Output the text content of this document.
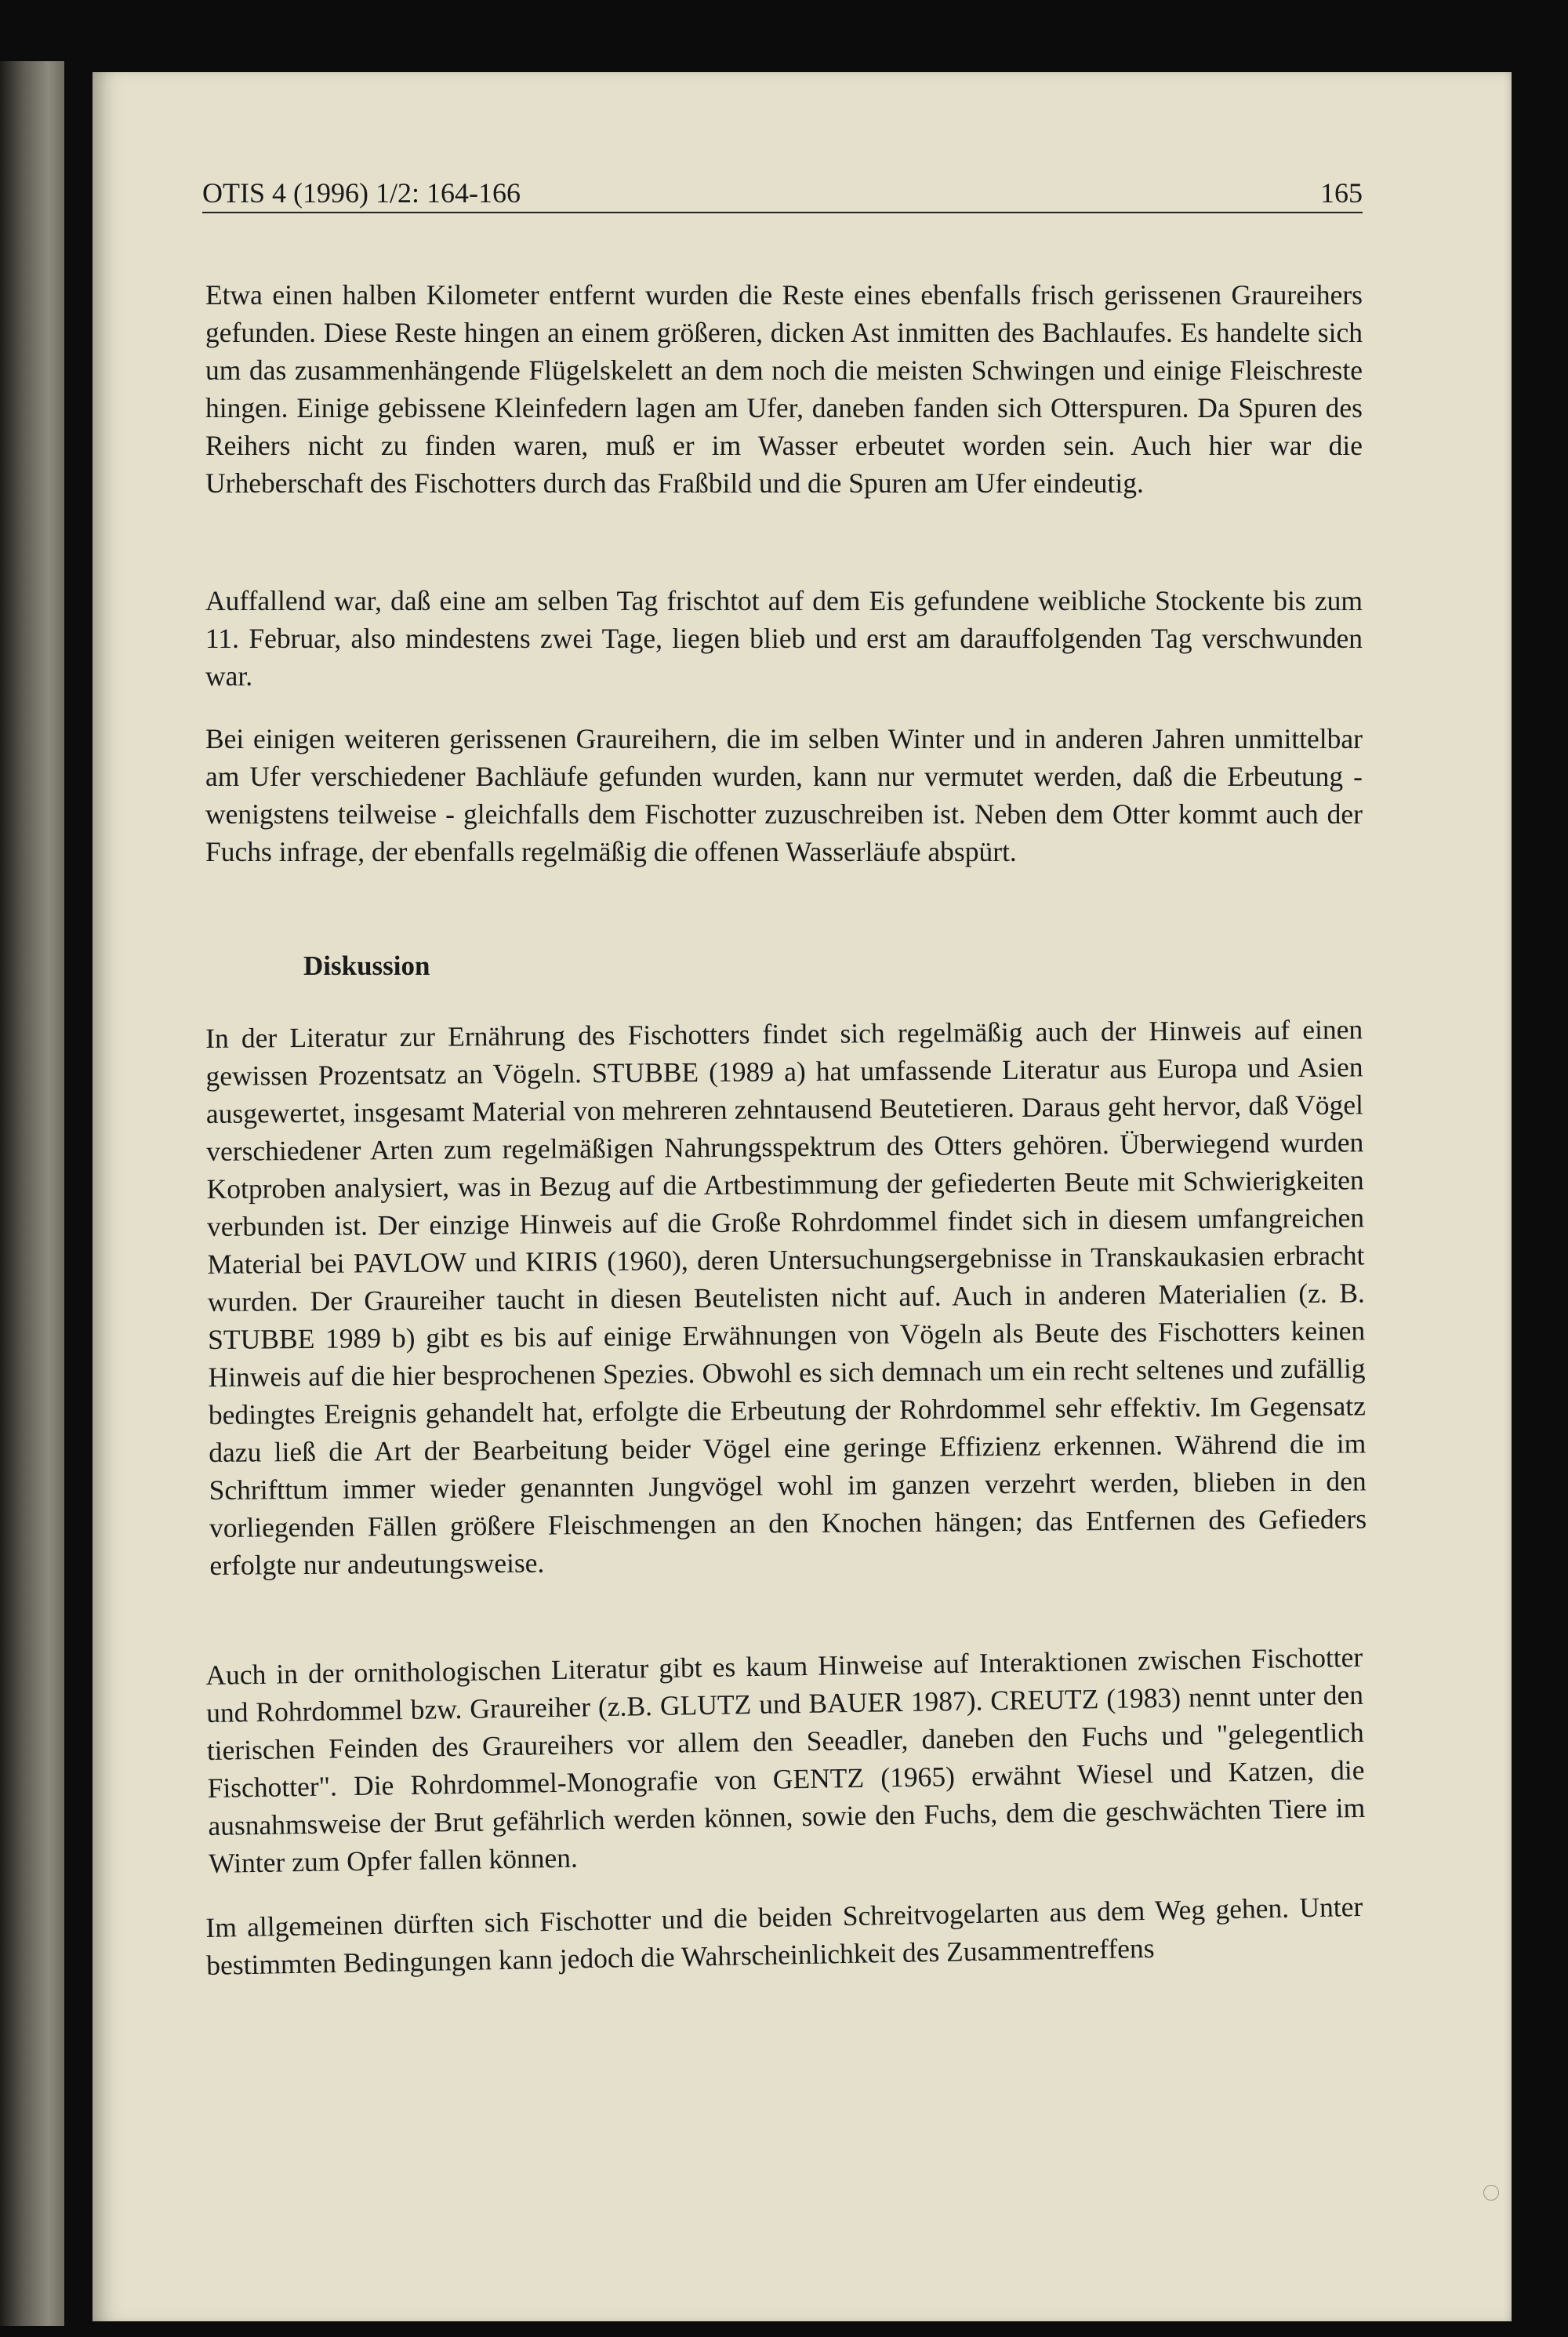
OTIS 4 (1996) 1/2: 164-166	165

Etwa einen halben Kilometer entfernt wurden die Reste eines ebenfalls frisch gerissenen Graureihers gefunden. Diese Reste hingen an einem größeren, dicken Ast inmitten des Bachlaufes. Es handelte sich um das zusammenhängende Flügelskelett an dem noch die meisten Schwingen und einige Fleischreste hingen. Einige gebissene Kleinfedern lagen am Ufer, daneben fanden sich Otterspuren. Da Spuren des Reihers nicht zu finden waren, muß er im Wasser erbeutet worden sein. Auch hier war die Urheberschaft des Fischotters durch das Fraßbild und die Spuren am Ufer eindeutig.

Auffallend war, daß eine am selben Tag frischtot auf dem Eis gefundene weibliche Stockente bis zum 11. Februar, also mindestens zwei Tage, liegen blieb und erst am darauffolgenden Tag verschwunden war.

Bei einigen weiteren gerissenen Graureihern, die im selben Winter und in anderen Jahren unmittelbar am Ufer verschiedener Bachläufe gefunden wurden, kann nur vermutet werden, daß die Erbeutung - wenigstens teilweise - gleichfalls dem Fischotter zuzuschreiben ist. Neben dem Otter kommt auch der Fuchs infrage, der ebenfalls regelmäßig die offenen Wasserläufe abspürt.

Diskussion

In der Literatur zur Ernährung des Fischotters findet sich regelmäßig auch der Hinweis auf einen gewissen Prozentsatz an Vögeln. STUBBE (1989 a) hat umfassende Literatur aus Europa und Asien ausgewertet, insgesamt Material von mehreren zehntausend Beutetieren. Daraus geht hervor, daß Vögel verschiedener Arten zum regelmäßigen Nahrungsspektrum des Otters gehören. Überwiegend wurden Kotproben analysiert, was in Bezug auf die Artbestimmung der gefiederten Beute mit Schwierigkeiten verbunden ist. Der einzige Hinweis auf die Große Rohrdommel findet sich in diesem umfangreichen Material bei PAVLOW und KIRIS (1960), deren Untersuchungsergebnisse in Transkaukasien erbracht wurden. Der Graureiher taucht in diesen Beutelisten nicht auf. Auch in anderen Materialien (z. B. STUBBE 1989 b) gibt es bis auf einige Erwähnungen von Vögeln als Beute des Fischotters keinen Hinweis auf die hier besprochenen Spezies. Obwohl es sich demnach um ein recht seltenes und zufällig bedingtes Ereignis gehandelt hat, erfolgte die Erbeutung der Rohrdommel sehr effektiv. Im Gegensatz dazu ließ die Art der Bearbeitung beider Vögel eine geringe Effizienz erkennen. Während die im Schrifttum immer wieder genannten Jungvögel wohl im ganzen verzehrt werden, blieben in den vorliegenden Fällen größere Fleischmengen an den Knochen hängen; das Entfernen des Gefieders erfolgte nur andeutungsweise.

Auch in der ornithologischen Literatur gibt es kaum Hinweise auf Interaktionen zwischen Fischotter und Rohrdommel bzw. Graureiher (z.B. GLUTZ und BAUER 1987). CREUTZ (1983) nennt unter den tierischen Feinden des Graureihers vor allem den Seeadler, daneben den Fuchs und "gelegentlich Fischotter". Die Rohrdommel-Monografie von GENTZ (1965) erwähnt Wiesel und Katzen, die ausnahmsweise der Brut gefährlich werden können, sowie den Fuchs, dem die geschwächten Tiere im Winter zum Opfer fallen können.

Im allgemeinen dürften sich Fischotter und die beiden Schreitvogelarten aus dem Weg gehen. Unter bestimmten Bedingungen kann jedoch die Wahrscheinlichkeit des Zusammentreffens
